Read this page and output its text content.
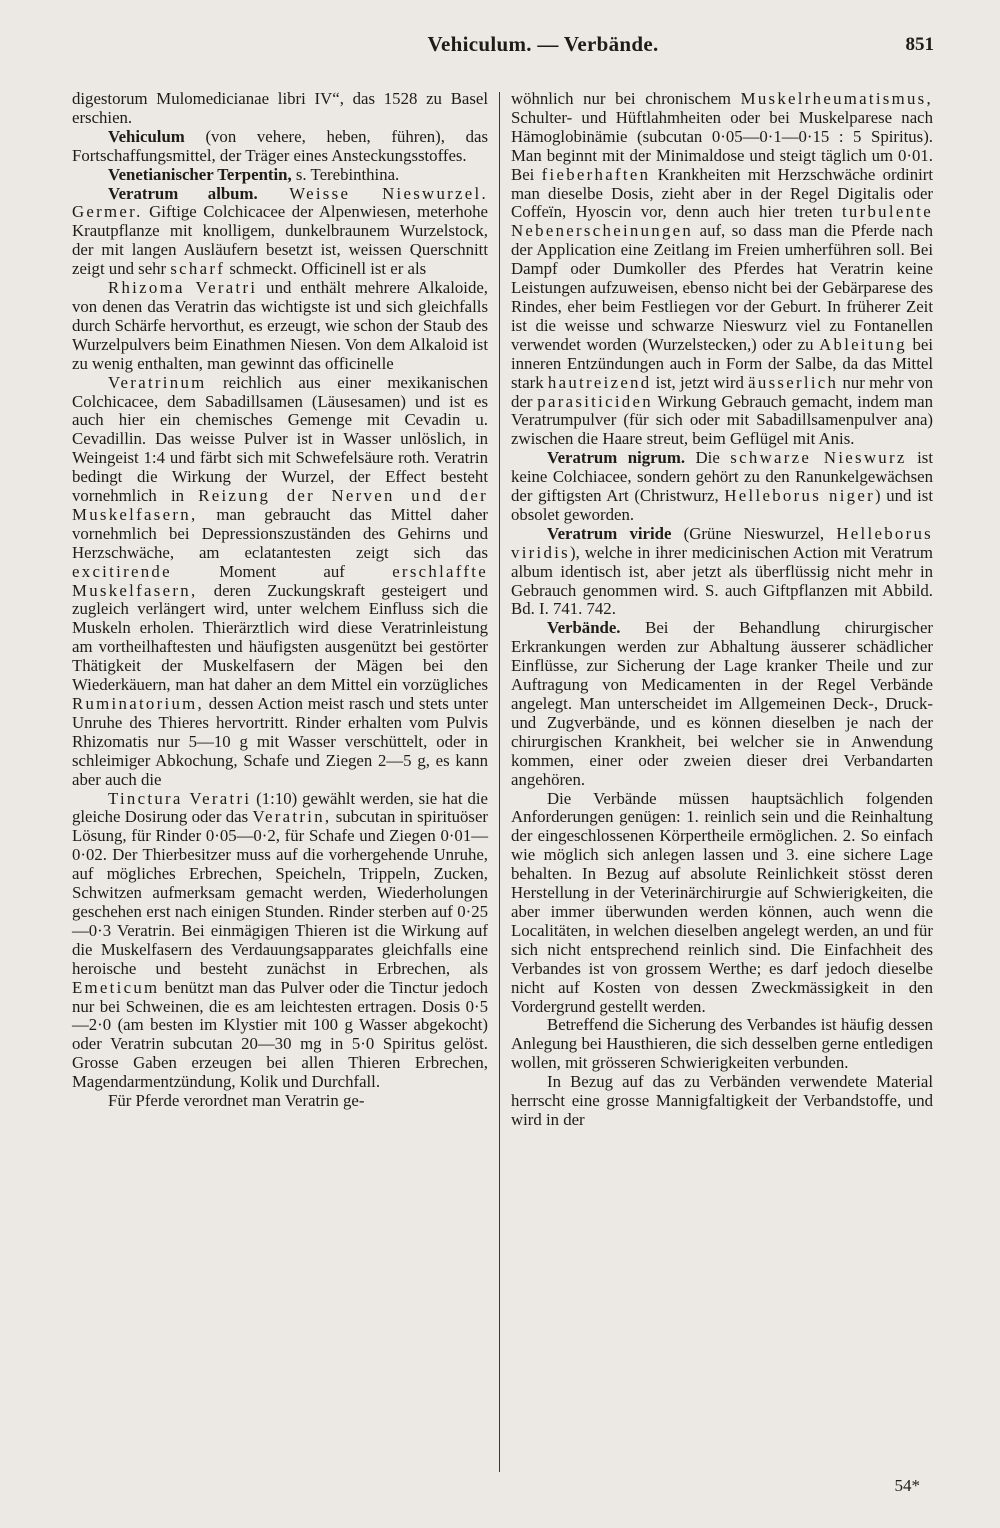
Vehiculum. — Verbände.	851

digestorum Mulomedicianae libri IV“, das 1528 zu Basel erschien.

Vehiculum (von vehere, heben, führen), das Fortschaffungsmittel, der Träger eines Ansteckungsstoffes.

Venetianischer Terpentin, s. Terebinthina.

Veratrum album. Weisse Nieswurzel. Germer. Giftige Colchicacee der Alpenwiesen, meterhohe Krautpflanze mit knolligem, dunkelbraunem Wurzelstock, der mit langen Ausläufern besetzt ist, weissen Querschnitt zeigt und sehr scharf schmeckt. Officinell ist er als

Rhizoma Veratri und enthält mehrere Alkaloide, von denen das Veratrin das wichtigste ist und sich gleichfalls durch Schärfe hervorthut, es erzeugt, wie schon der Staub des Wurzelpulvers beim Einathmen Niesen. Von dem Alkaloid ist zu wenig enthalten, man gewinnt das officinelle

Veratrinum reichlich aus einer mexikanischen Colchicacee, dem Sabadillsamen (Läusesamen) und ist es auch hier ein chemisches Gemenge mit Cevadin u. Cevadillin. Das weisse Pulver ist in Wasser unlöslich, in Weingeist 1:4 und färbt sich mit Schwefelsäure roth. Veratrin bedingt die Wirkung der Wurzel, der Effect besteht vornehmlich in Reizung der Nerven und der Muskelfasern, man gebraucht das Mittel daher vornehmlich bei Depressionszuständen des Gehirns und Herzschwäche, am eclatantesten zeigt sich das excitirende Moment auf erschlaffte Muskelfasern, deren Zuckungskraft gesteigert und zugleich verlängert wird, unter welchem Einfluss sich die Muskeln erholen. Thierärztlich wird diese Veratrinleistung am vortheilhaftesten und häufigsten ausgenützt bei gestörter Thätigkeit der Muskelfasern der Mägen bei den Wiederkäuern, man hat daher an dem Mittel ein vorzügliches Ruminatorium, dessen Action meist rasch und stets unter Unruhe des Thieres hervortritt. Rinder erhalten vom Pulvis Rhizomatis nur 5—10 g mit Wasser verschüttelt, oder in schleimiger Abkochung, Schafe und Ziegen 2—5 g, es kann aber auch die

Tinctura Veratri (1:10) gewählt werden, sie hat die gleiche Dosirung oder das Veratrin, subcutan in spirituöser Lösung, für Rinder 0·05—0·2, für Schafe und Ziegen 0·01—0·02. Der Thierbesitzer muss auf die vorhergehende Unruhe, auf mögliches Erbrechen, Speicheln, Trippeln, Zucken, Schwitzen aufmerksam gemacht werden, Wiederholungen geschehen erst nach einigen Stunden. Rinder sterben auf 0·25—0·3 Veratrin. Bei einmägigen Thieren ist die Wirkung auf die Muskelfasern des Verdauungsapparates gleichfalls eine heroische und besteht zunächst in Erbrechen, als Emeticum benützt man das Pulver oder die Tinctur jedoch nur bei Schweinen, die es am leichtesten ertragen. Dosis 0·5—2·0 (am besten im Klystier mit 100 g Wasser abgekocht) oder Veratrin subcutan 20—30 mg in 5·0 Spiritus gelöst. Grosse Gaben erzeugen bei allen Thieren Erbrechen, Magendarmentzündung, Kolik und Durchfall.

Für Pferde verordnet man Veratrin ge-

wöhnlich nur bei chronischem Muskelrheumatismus, Schulter- und Hüftlahmheiten oder bei Muskelparese nach Hämoglobinämie (subcutan 0·05—0·1—0·15 : 5 Spiritus). Man beginnt mit der Minimaldose und steigt täglich um 0·01. Bei fieberhaften Krankheiten mit Herzschwäche ordinirt man dieselbe Dosis, zieht aber in der Regel Digitalis oder Coffeïn, Hyoscin vor, denn auch hier treten turbulente Nebenerscheinungen auf, so dass man die Pferde nach der Application eine Zeitlang im Freien umherführen soll. Bei Dampf oder Dumkoller des Pferdes hat Veratrin keine Leistungen aufzuweisen, ebenso nicht bei der Gebärparese des Rindes, eher beim Festliegen vor der Geburt. In früherer Zeit ist die weisse und schwarze Nieswurz viel zu Fontanellen verwendet worden (Wurzelstecken,) oder zu Ableitung bei inneren Entzündungen auch in Form der Salbe, da das Mittel stark hautreizend ist, jetzt wird äusserlich nur mehr von der parasiticiden Wirkung Gebrauch gemacht, indem man Veratrumpulver (für sich oder mit Sabadillsamenpulver ana) zwischen die Haare streut, beim Geflügel mit Anis.

Veratrum nigrum. Die schwarze Nieswurz ist keine Colchiacee, sondern gehört zu den Ranunkelgewächsen der giftigsten Art (Christwurz, Helleborus niger) und ist obsolet geworden.

Veratrum viride (Grüne Nieswurzel, Helleborus viridis), welche in ihrer medicinischen Action mit Veratrum album identisch ist, aber jetzt als überflüssig nicht mehr in Gebrauch genommen wird. S. auch Giftpflanzen mit Abbild. Bd. I. 741. 742.

Verbände. Bei der Behandlung chirurgischer Erkrankungen werden zur Abhaltung äusserer schädlicher Einflüsse, zur Sicherung der Lage kranker Theile und zur Auftragung von Medicamenten in der Regel Verbände angelegt. Man unterscheidet im Allgemeinen Deck-, Druck- und Zugverbände, und es können dieselben je nach der chirurgischen Krankheit, bei welcher sie in Anwendung kommen, einer oder zweien dieser drei Verbandarten angehören.

Die Verbände müssen hauptsächlich folgenden Anforderungen genügen: 1. reinlich sein und die Reinhaltung der eingeschlossenen Körpertheile ermöglichen. 2. So einfach wie möglich sich anlegen lassen und 3. eine sichere Lage behalten. In Bezug auf absolute Reinlichkeit stösst deren Herstellung in der Veterinärchirurgie auf Schwierigkeiten, die aber immer überwunden werden können, auch wenn die Localitäten, in welchen dieselben angelegt werden, an und für sich nicht entsprechend reinlich sind. Die Einfachheit des Verbandes ist von grossem Werthe; es darf jedoch dieselbe nicht auf Kosten von dessen Zweckmässigkeit in den Vordergrund gestellt werden.

Betreffend die Sicherung des Verbandes ist häufig dessen Anlegung bei Hausthieren, die sich desselben gerne entledigen wollen, mit grösseren Schwierigkeiten verbunden.

In Bezug auf das zu Verbänden verwendete Material herrscht eine grosse Mannigfaltigkeit der Verbandstoffe, und wird in der

54*
